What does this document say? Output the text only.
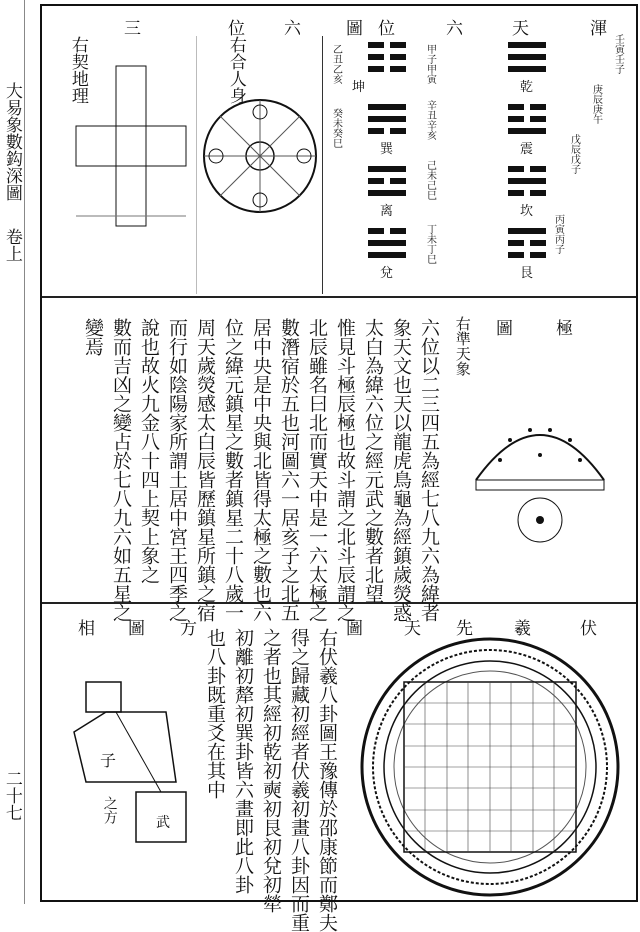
大易象數鈎深圖
卷上
二十七
渾
天
六
位
圖
六
位
三
壬寅壬子
庚辰庚午
戊辰戊子
丙寅丙子
甲子甲寅
辛丑辛亥
己未己巳
丁未丁巳
乙丑乙亥
癸未癸巳
乾
震
坎
艮
坤
巽
离
兌
右合人身
右契地理
極
圖
右準天象
六位以二三四五為經七八九六為緯者
象天文也天以龍虎鳥龜為經鎮歲熒惑
太白為緯六位之經元武之數者北望
惟見斗極辰極也故斗謂之北斗辰謂之
北辰雖名曰北而實天中是一六太極之
數潛宿於五也河圖六一居亥子之北五
居中央是中央與北皆得太極之數也六
位之緯元鎮星之數者鎮星二十八歲一
周天歲熒感太白辰皆歷鎮星所鎮之宿
而行如陰陽家所謂土居中宮王四季之
說也故火九金八十四上契上象之
數而吉凶之變占於七八九六如五星之
變焉
伏
羲
先
天
圖
方
圖
相	右伏羲八卦圖王豫傳於邵康節而鄭夫
得之歸藏初經者伏羲初畫八卦因而重
之者也其經初乾初奭初艮初兌初犖
初離初犛初巽卦皆六畫即此八卦
也八卦既重爻在其中
子
之方	武
